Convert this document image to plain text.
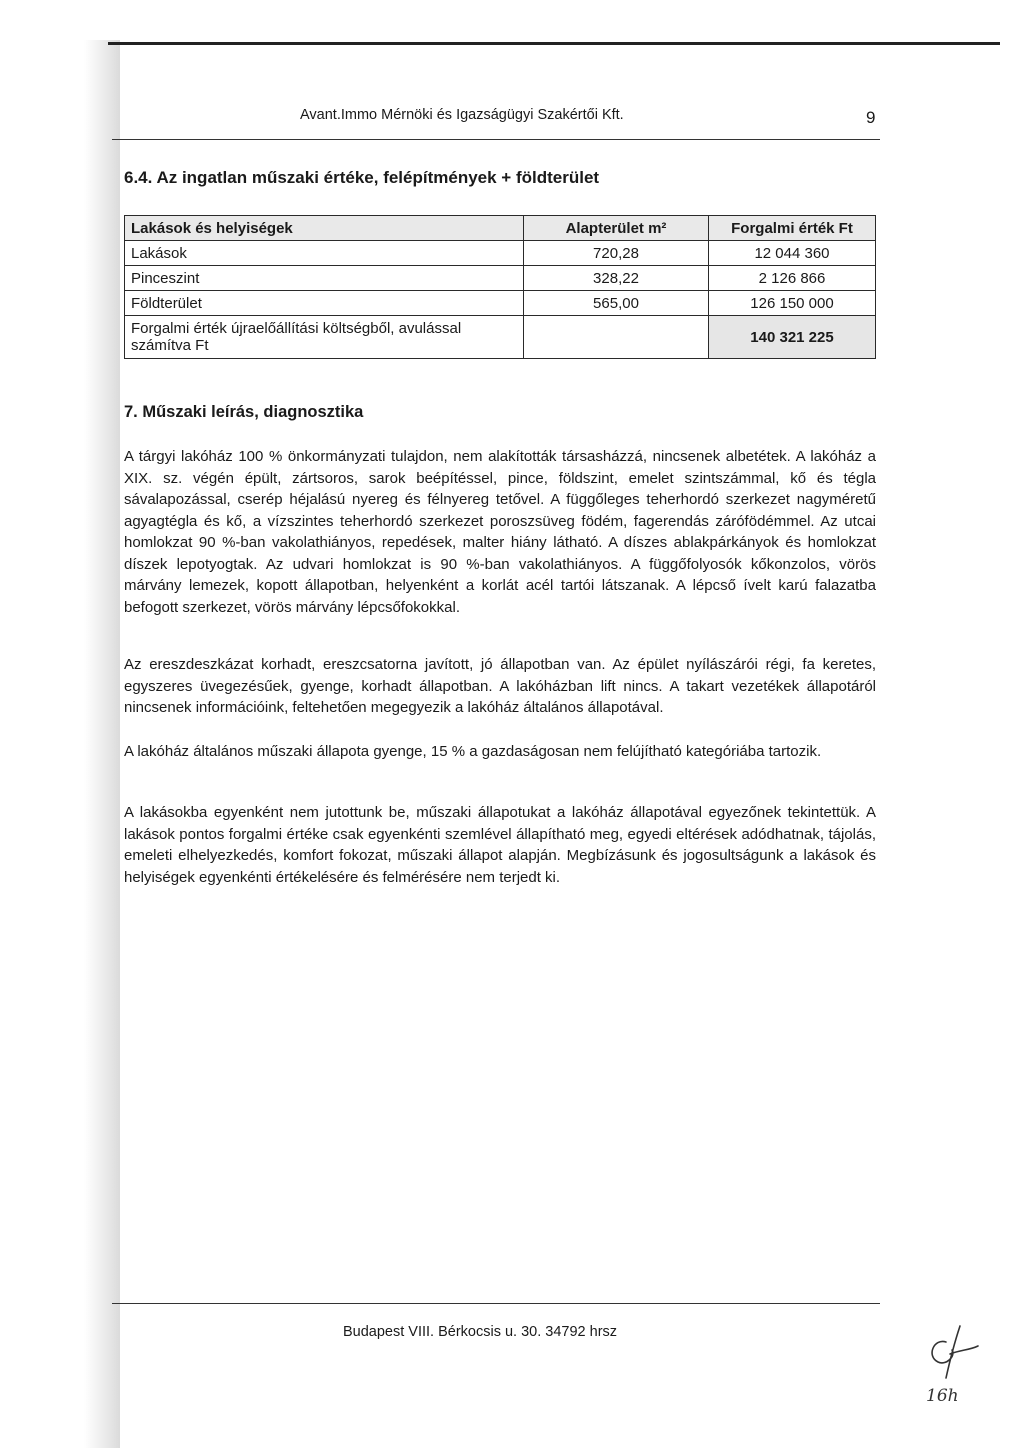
Avant.Immo Mérnöki és Igazságügyi Szakértői Kft.	9
6.4. Az ingatlan műszaki értéke, felépítmények + földterület
Lakások és helyiségek	Alapterület m²	Forgalmi érték Ft
Lakások	720,28	12 044 360
Pinceszint	328,22	2 126 866
Földterület	565,00	126 150 000
Forgalmi érték újraelőállítási költségből, avulással számítva Ft		140 321 225
7. Műszaki leírás, diagnosztika
A tárgyi lakóház 100 % önkormányzati tulajdon, nem alakították társasházzá, nincsenek albetétek. A lakóház a XIX. sz. végén épült, zártsoros, sarok beépítéssel, pince, földszint, emelet szintszámmal, kő és tégla sávalapozással, cserép héjalású nyereg és félnyereg tetővel. A függőleges teherhordó szerkezet nagyméretű agyagtégla és kő, a vízszintes teherhordó szerkezet poroszsüveg födém, fagerendás zárófödémmel. Az utcai homlokzat 90 %-ban vakolathiányos, repedések, malter hiány látható. A díszes ablakpárkányok és homlokzat díszek lepotyogtak. Az udvari homlokzat is 90 %-ban vakolathiányos. A függőfolyosók kőkonzolos, vörös márvány lemezek, kopott állapotban, helyenként a korlát acél tartói látszanak. A lépcső ívelt karú falazatba befogott szerkezet, vörös márvány lépcsőfokokkal.
Az ereszdeszkázat korhadt, ereszcsatorna javított, jó állapotban van. Az épület nyílászárói régi, fa keretes, egyszeres üvegezésűek, gyenge, korhadt állapotban. A lakóházban lift nincs. A takart vezetékek állapotáról nincsenek információink, feltehetően megegyezik a lakóház általános állapotával.
A lakóház általános műszaki állapota gyenge, 15 % a gazdaságosan nem felújítható kategóriába tartozik.
A lakásokba egyenként nem jutottunk be, műszaki állapotukat a lakóház állapotával egyezőnek tekintettük. A lakások pontos forgalmi értéke csak egyenkénti szemlével állapítható meg, egyedi eltérések adódhatnak, tájolás, emeleti elhelyezkedés, komfort fokozat, műszaki állapot alapján. Megbízásunk és jogosultságunk a lakások és helyiségek egyenkénti értékelésére és felmérésére nem terjedt ki.
Budapest VIII. Bérkocsis u. 30. 34792 hrsz
16h
